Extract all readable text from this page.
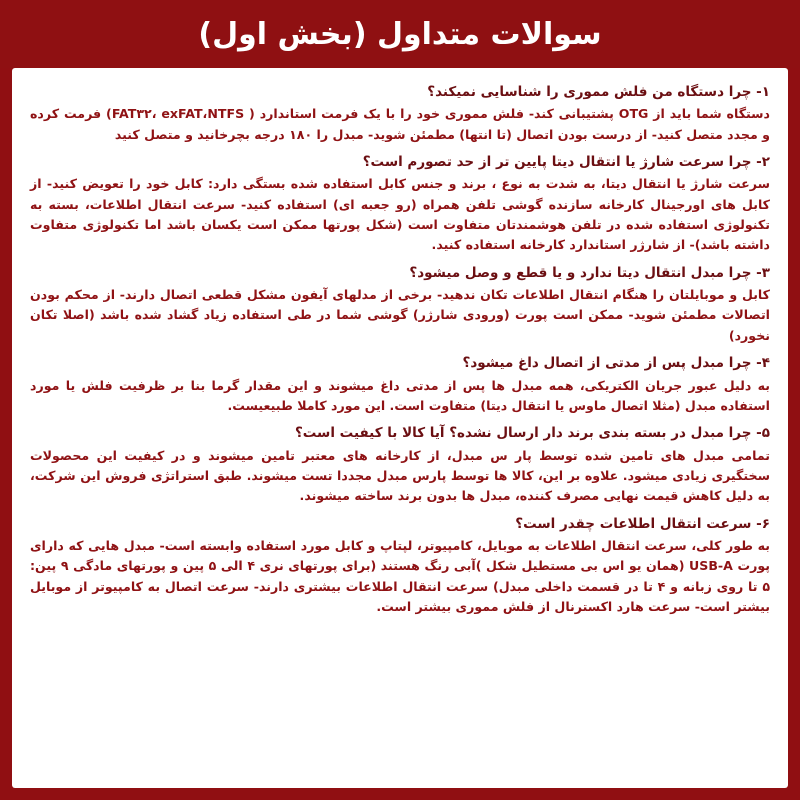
سوالات متداول (بخش اول)
۱- چرا دستگاه من فلش مموری را شناسایی نمیکند؟
دستگاه شما باید از OTG پشتیبانی کند- فلش مموری خود را با یک فرمت استاندارد ( FAT۳۲، exFAT،NTFS) فرمت کرده و مجدد متصل کنید- از درست بودن اتصال (تا انتها) مطمئن شوید- مبدل را ۱۸۰ درجه بچرخانید و متصل کنید
۲- چرا سرعت شارژ یا انتقال دیتا پایین تر از حد تصورم است؟
سرعت شارژ یا انتقال دیتا، به شدت به نوع ، برند و جنس کابل استفاده شده بستگی دارد: کابل خود را تعویض کنید- از کابل های اورجینال کارخانه سازنده گوشی تلفن همراه (رو جعبه ای) استفاده کنید- سرعت انتقال اطلاعات، بسته به تکنولوژی استفاده شده در تلفن هوشمندتان متفاوت است (شکل پورتها ممکن است یکسان باشد اما تکنولوژی متفاوت داشته باشد)- از شارژر استاندارد کارخانه استفاده کنید.
۳- چرا مبدل انتقال دیتا ندارد و یا قطع و وصل میشود؟
کابل و موبایلتان را هنگام انتقال اطلاعات تکان ندهید- برخی از مدلهای آیفون مشکل قطعی اتصال دارند- از محکم بودن اتصالات مطمئن شوید- ممکن است پورت (ورودی شارژر) گوشی شما در طی استفاده زیاد گشاد شده باشد (اصلا تکان نخورد)
۴- چرا مبدل پس از مدتی از اتصال داغ میشود؟
به دلیل عبور جریان الکتریکی، همه مبدل ها پس از مدتی داغ میشوند و این مقدار گرما بنا بر ظرفیت فلش یا مورد استفاده مبدل (مثلا اتصال ماوس یا انتقال دیتا) متفاوت است. این مورد کاملا طبیعیست.
۵- چرا مبدل در بسته بندی برند دار ارسال نشده؟ آیا کالا با کیفیت است؟
تمامی مبدل های تامین شده توسط پار س مبدل، از کارخانه های معتبر تامین میشوند و در کیفیت این محصولات سختگیری زیادی میشود. علاوه بر این، کالا ها توسط پارس مبدل مجددا تست میشوند. طبق استراتژی فروش این شرکت، به دلیل کاهش قیمت نهایی مصرف کننده، مبدل ها بدون برند ساخته میشوند.
۶- سرعت انتقال اطلاعات چقدر است؟
به طور کلی، سرعت انتقال اطلاعات به موبایل، کامپیوتر، لپتاپ و کابل مورد استفاده وابسته است- مبدل هایی که دارای پورت USB-A (همان یو اس بی مستطیل شکل )آبی رنگ هستند (برای پورتهای نری ۴ الی ۵ پین و پورتهای مادگی ۹ پین: ۵ تا روی زبانه و ۴ تا در قسمت داخلی مبدل) سرعت انتقال اطلاعات بیشتری دارند- سرعت اتصال به کامپیوتر از موبایل بیشتر است- سرعت هارد اکسترنال از فلش مموری بیشتر است.
